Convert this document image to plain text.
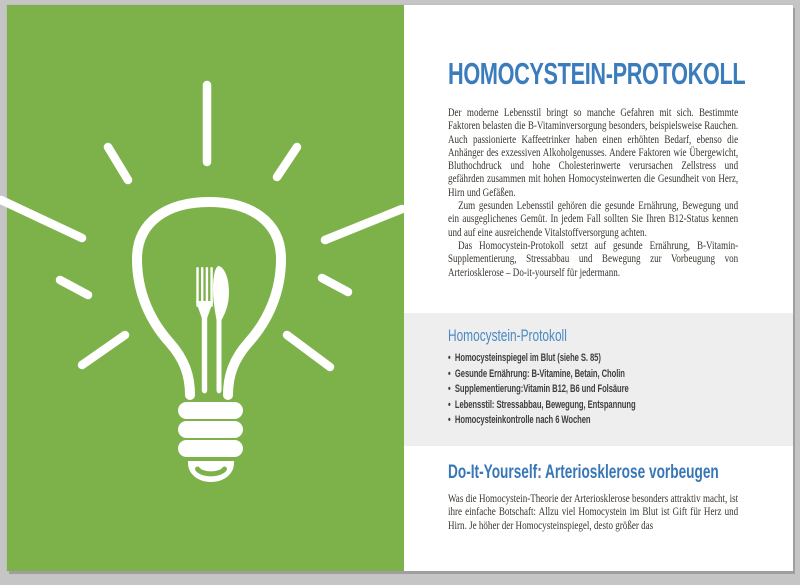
HOMOCYSTEIN-PROTOKOLL

Der moderne Lebensstil bringt so manche Gefahren mit sich. Bestimmte Faktoren belasten die B-Vitaminversorgung besonders, beispielsweise Rauchen. Auch passionierte Kaffeetrinker haben einen erhöhten Bedarf, ebenso die Anhänger des exzessiven Alkoholgenusses. Andere Faktoren wie Übergewicht, Bluthochdruck und hohe Cholesterinwerte verursachen Zellstress und gefährden zusammen mit hohen Homocysteinwerten die Gesundheit von Herz, Hirn und Gefäßen.

Zum gesunden Lebensstil gehören die gesunde Ernährung, Bewegung und ein ausgeglichenes Gemüt. In jedem Fall sollten Sie Ihren B12-Status kennen und auf eine ausreichende Vitalstoffversorgung achten.

Das Homocystein-Protokoll setzt auf gesunde Ernährung, B-Vitamin-Supplementierung, Stressabbau und Bewegung zur Vorbeugung von Arteriosklerose – Do-it-yourself für jedermann.

Homocystein-Protokoll
• Homocysteinspiegel im Blut (siehe S. 85)
• Gesunde Ernährung: B-Vitamine, Betain, Cholin
• Supplementierung:Vitamin B12, B6 und Folsäure
• Lebensstil: Stressabbau, Bewegung, Entspannung
• Homocysteinkontrolle nach 6 Wochen
Do-It-Yourself: Arteriosklerose vorbeugen

Was die Homocystein-Theorie der Arteriosklerose besonders attraktiv macht, ist ihre einfache Botschaft: Allzu viel Homocystein im Blut ist Gift für Herz und Hirn. Je höher der Homocysteinspiegel, desto größer das
